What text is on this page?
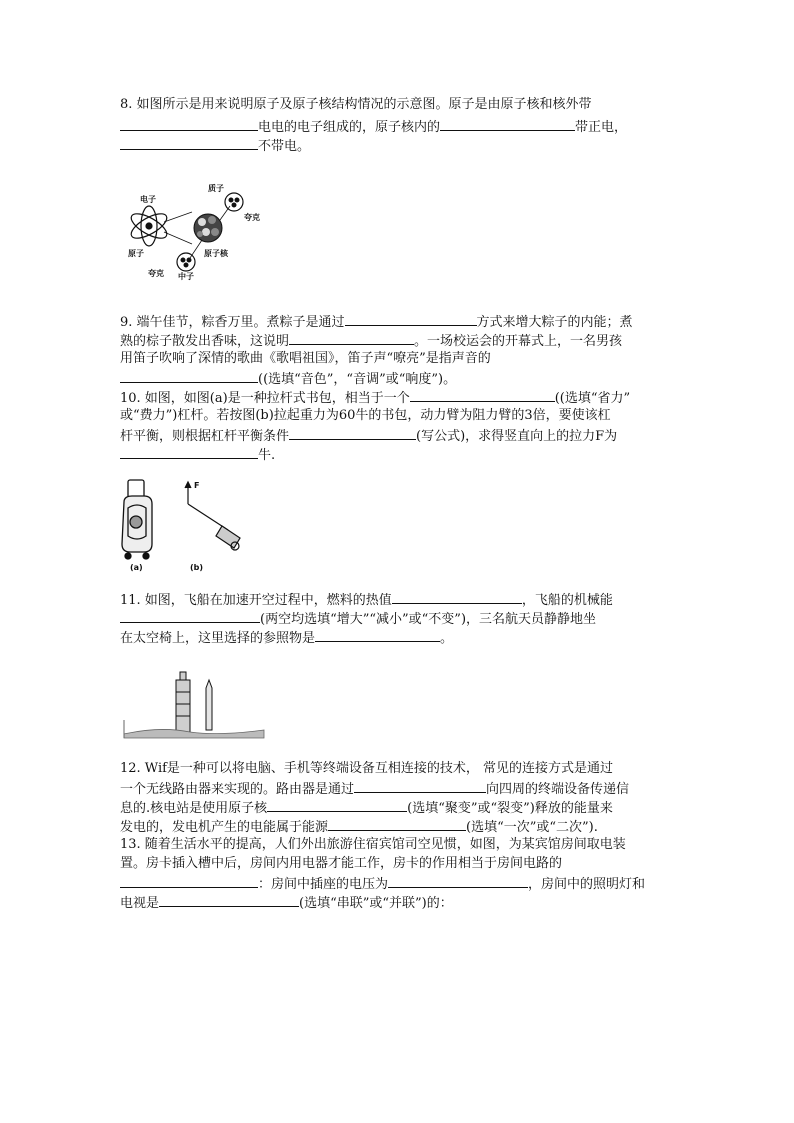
8. 如图所示是用来说明原子及原子核结构情况的示意图。原子是由原子核和核外带
电电的电子组成的，原子核内的	带正电，
不带电。
电子
质子
夸克
原子	原子核
夸克 中子
9. 端午佳节，粽香万里。煮粽子是通过	方式来增大粽子的内能；煮
熟的棕子散发出香味，这说明	。一场校运会的开幕式上，一名男孩
用笛子吹响了深情的歌曲《歌唱祖国》，笛子声“嘹亮”是指声音的
((选填“音色”，“音调”或“响度”)。
10. 如图，如图(a)是一种拉杆式书包，相当于一个	((选填“省力”
或“费力”)杠杆。若按图(b)拉起重力为60牛的书包，动力臂为阻力臂的3倍，要使该杠
杆平衡，则根据杠杆平衡条件	(写公式)，求得竖直向上的拉力F为
牛.
F
(a)	(b)
11. 如图，飞船在加速开空过程中，燃料的热值	，飞船的机械能
(两空均选填“增大”“减小”或“不变”)，三名航天员静静地坐
在太空椅上，这里选择的参照物是	。
12. Wif是一种可以将电脑、手机等终端设备互相连接的技术， 常见的连接方式是通过
一个无线路由器来实现的。路由器是通过	向四周的终端设备传递信
息的.核电站是使用原子核	(选填“聚变”或“裂变”)释放的能量来
发电的，发电机产生的电能属于能源	(选填“一次”或“二次”).
13. 随着生活水平的提高，人们外出旅游住宿宾馆司空见惯，如图，为某宾馆房间取电装
置。房卡插入槽中后，房间内用电器才能工作，房卡的作用相当于房间电路的
：房间中插座的电压为	，房间中的照明灯和
电视是	(选填“串联”或“并联”)的：
